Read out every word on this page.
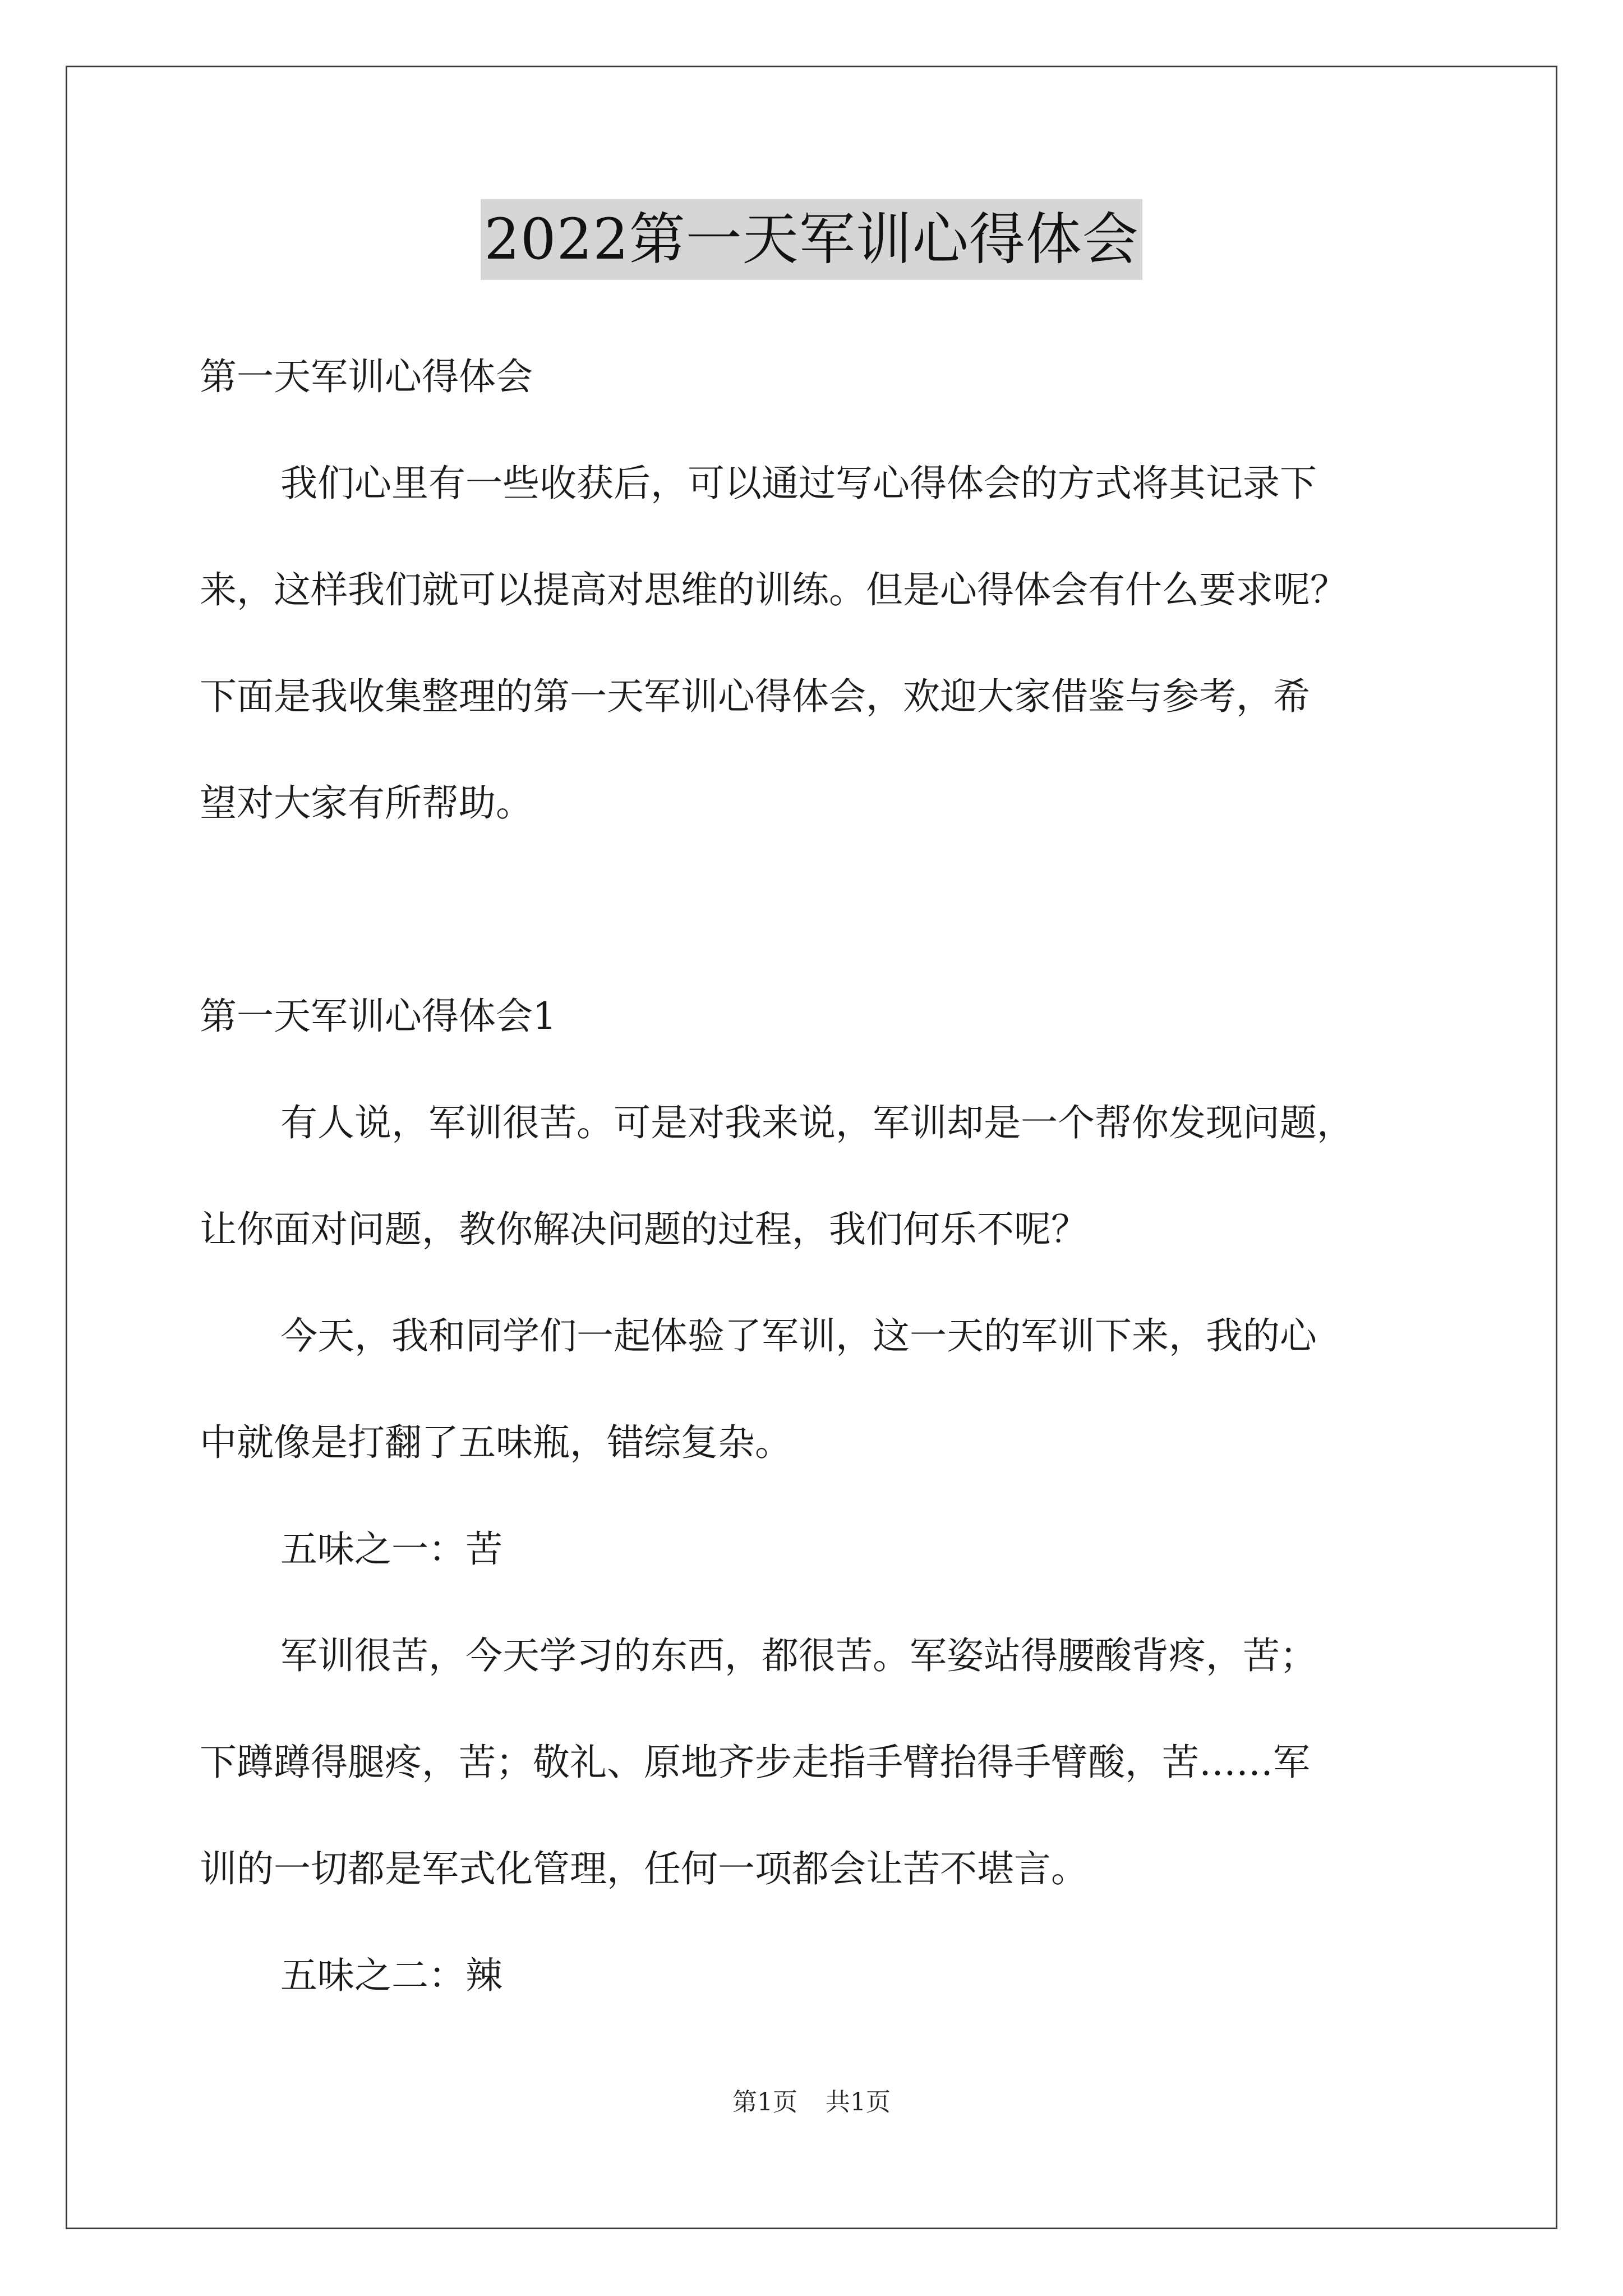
2022第一天军训心得体会
第一天军训心得体会
我们心里有一些收获后，可以通过写心得体会的方式将其记录下
来，这样我们就可以提高对思维的训练。但是心得体会有什么要求呢？
下面是我收集整理的第一天军训心得体会，欢迎大家借鉴与参考，希
望对大家有所帮助。
第一天军训心得体会1
有人说，军训很苦。可是对我来说，军训却是一个帮你发现问题，
让你面对问题，教你解决问题的过程，我们何乐不呢？
今天，我和同学们一起体验了军训，这一天的军训下来，我的心
中就像是打翻了五味瓶，错综复杂。
五味之一：苦
军训很苦，今天学习的东西，都很苦。军姿站得腰酸背疼，苦；
下蹲蹲得腿疼，苦；敬礼、原地齐步走指手臂抬得手臂酸，苦……军
训的一切都是军式化管理，任何一项都会让苦不堪言。
五味之二：辣
第1页 共1页
